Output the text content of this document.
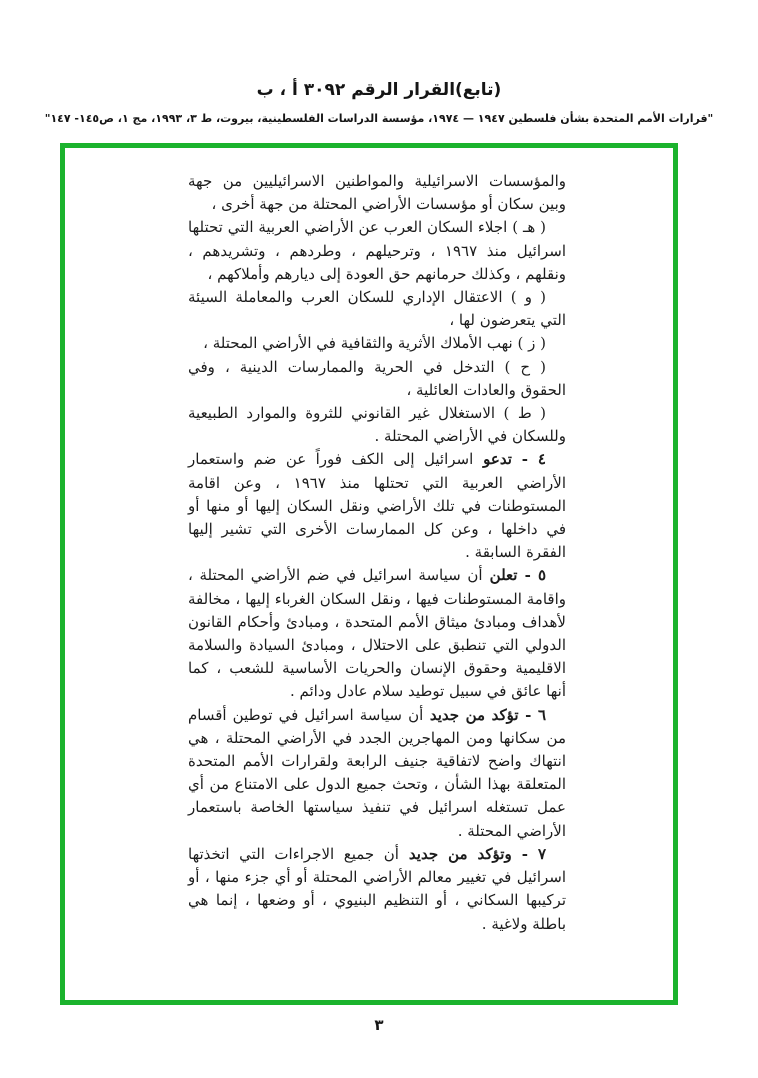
(تابع)القرار الرقم ٣٠٩٢ أ ، ب
"قرارات الأمم المتحدة بشأن فلسطين ١٩٤٧ — ١٩٧٤، مؤسسة الدراسات الفلسطينية، بيروت، ط ٣، ١٩٩٣، مج ١، ص١٤٥- ١٤٧"

والمؤسسات الاسرائيلية والمواطنين الاسرائيليين من جهة وبين سكان أو مؤسسات الأراضي المحتلة من جهة أخرى ،

( هـ ) اجلاء السكان العرب عن الأراضي العربية التي تحتلها اسرائيل منذ ١٩٦٧ ، وترحيلهم ، وطردهم ، وتشريدهم ، ونقلهم ، وكذلك حرمانهم حق العودة إلى ديارهم وأملاكهم ،

( و ) الاعتقال الإداري للسكان العرب والمعاملة السيئة التي يتعرضون لها ،

( ز ) نهب الأملاك الأثرية والثقافية في الأراضي المحتلة ،

( ح ) التدخل في الحرية والممارسات الدينية ، وفي الحقوق والعادات العائلية ،

( ط ) الاستغلال غير القانوني للثروة والموارد الطبيعية وللسكان في الأراضي المحتلة .

٤ - تدعو اسرائيل إلى الكف فوراً عن ضم واستعمار الأراضي العربية التي تحتلها منذ ١٩٦٧ ، وعن اقامة المستوطنات في تلك الأراضي ونقل السكان إليها أو منها أو في داخلها ، وعن كل الممارسات الأخرى التي تشير إليها الفقرة السابقة .

٥ - تعلن أن سياسة اسرائيل في ضم الأراضي المحتلة ، واقامة المستوطنات فيها ، ونقل السكان الغرباء إليها ، مخالفة لأهداف ومبادئ ميثاق الأمم المتحدة ، ومبادئ وأحكام القانون الدولي التي تنطبق على الاحتلال ، ومبادئ السيادة والسلامة الاقليمية وحقوق الإنسان والحريات الأساسية للشعب ، كما أنها عائق في سبيل توطيد سلام عادل ودائم .

٦ - تؤكد من جديد أن سياسة اسرائيل في توطين أقسام من سكانها ومن المهاجرين الجدد في الأراضي المحتلة ، هي انتهاك واضح لاتفاقية جنيف الرابعة ولقرارات الأمم المتحدة المتعلقة بهذا الشأن ، وتحث جميع الدول على الامتناع من أي عمل تستغله اسرائيل في تنفيذ سياستها الخاصة باستعمار الأراضي المحتلة .

٧ - وتؤكد من جديد أن جميع الاجراءات التي اتخذتها اسرائيل في تغيير معالم الأراضي المحتلة أو أي جزء منها ، أو تركيبها السكاني ، أو التنظيم البنيوي ، أو وضعها ، إنما هي باطلة ولاغية .

٣
